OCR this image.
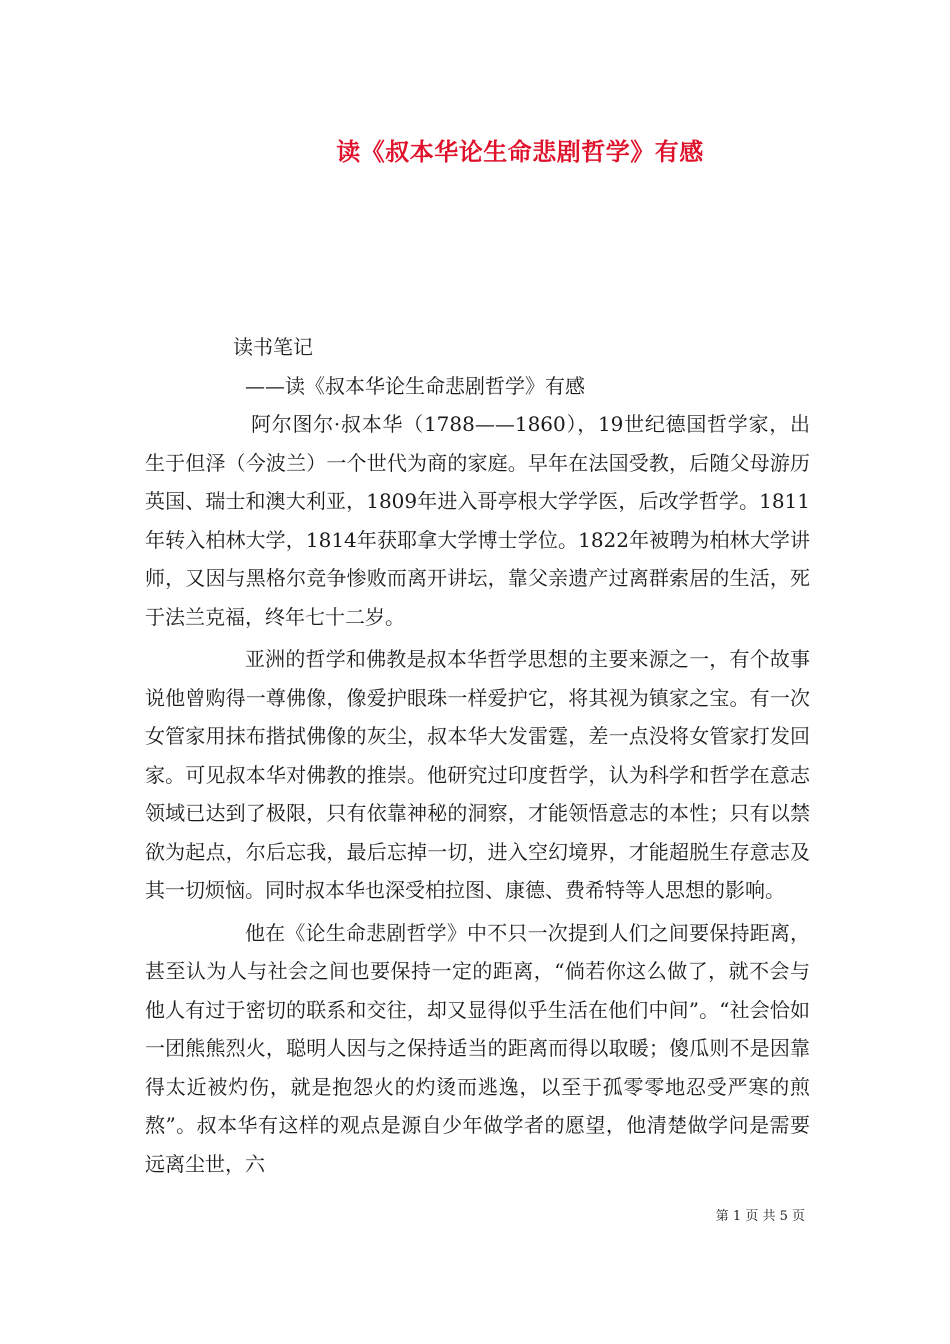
读《叔本华论生命悲剧哲学》有感

读书笔记

——读《叔本华论生命悲剧哲学》有感

阿尔图尔·叔本华（1788——1860），19世纪德国哲学家，出生于但泽（今波兰）一个世代为商的家庭。早年在法国受教，后随父母游历英国、瑞士和澳大利亚，1809年进入哥亭根大学学医，后改学哲学。1811年转入柏林大学，1814年获耶拿大学博士学位。1822年被聘为柏林大学讲师，又因与黑格尔竞争惨败而离开讲坛，靠父亲遗产过离群索居的生活，死于法兰克福，终年七十二岁。

亚洲的哲学和佛教是叔本华哲学思想的主要来源之一，有个故事说他曾购得一尊佛像，像爱护眼珠一样爱护它，将其视为镇家之宝。有一次女管家用抹布揩拭佛像的灰尘，叔本华大发雷霆，差一点没将女管家打发回家。可见叔本华对佛教的推崇。他研究过印度哲学，认为科学和哲学在意志领域已达到了极限，只有依靠神秘的洞察，才能领悟意志的本性；只有以禁欲为起点，尔后忘我，最后忘掉一切，进入空幻境界，才能超脱生存意志及其一切烦恼。同时叔本华也深受柏拉图、康德、费希特等人思想的影响。

他在《论生命悲剧哲学》中不只一次提到人们之间要保持距离，甚至认为人与社会之间也要保持一定的距离，“倘若你这么做了，就不会与他人有过于密切的联系和交往，却又显得似乎生活在他们中间”。“社会恰如一团熊熊烈火，聪明人因与之保持适当的距离而得以取暖；傻瓜则不是因靠得太近被灼伤，就是抱怨火的灼烫而逃逸，以至于孤零零地忍受严寒的煎熬”。叔本华有这样的观点是源自少年做学者的愿望，他清楚做学问是需要远离尘世，六

第 1 页 共 5 页
